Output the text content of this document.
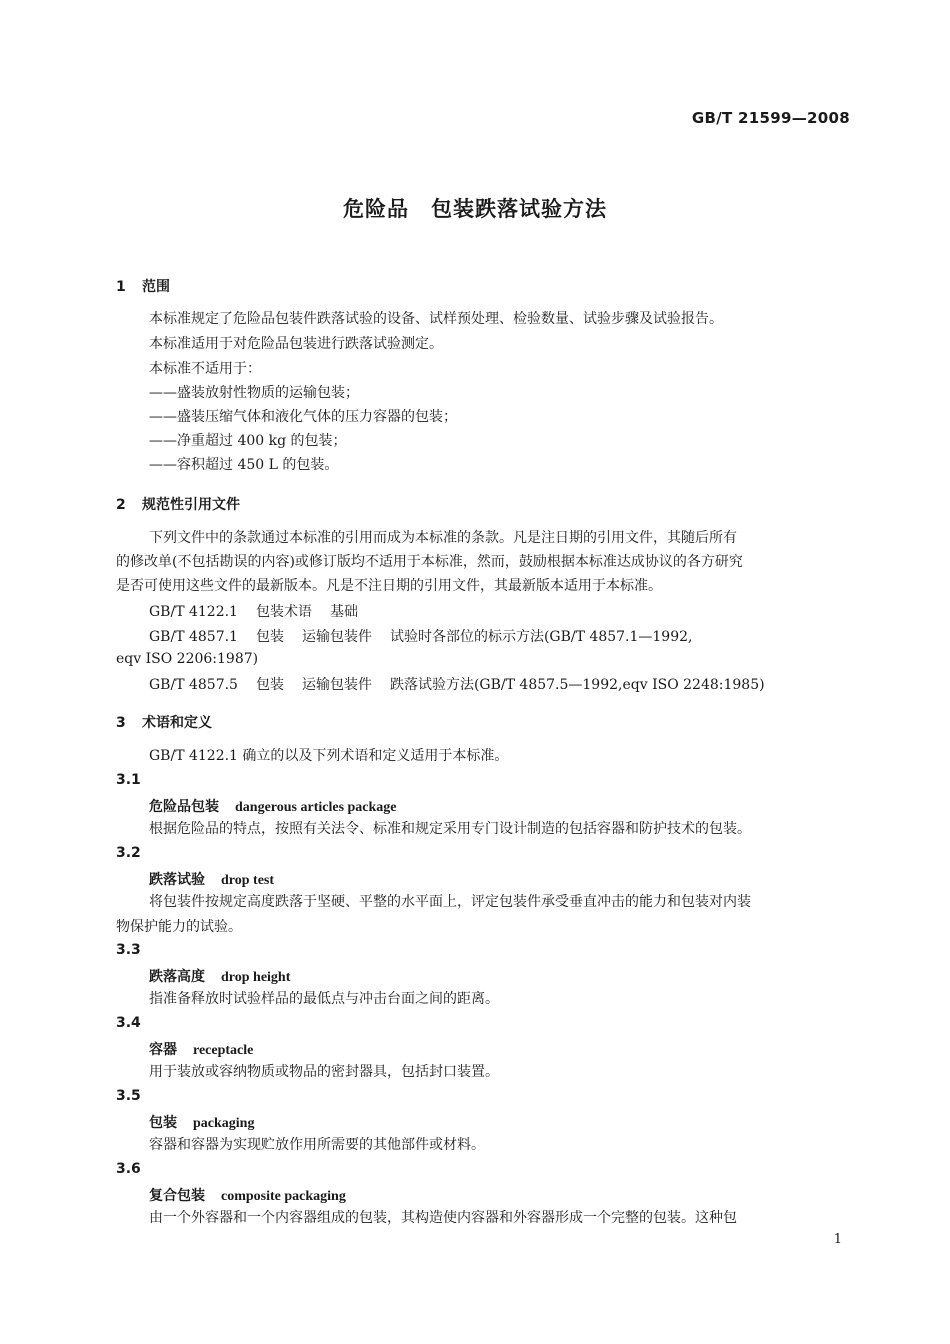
GB/T 21599—2008
危险品　包装跌落试验方法
1 范围
本标准规定了危险品包装件跌落试验的设备、试样预处理、检验数量、试验步骤及试验报告。
本标准适用于对危险品包装进行跌落试验测定。
本标准不适用于：
——盛装放射性物质的运输包装；
——盛装压缩气体和液化气体的压力容器的包装；
——净重超过 400 kg 的包装；
——容积超过 450 L 的包装。
2 规范性引用文件
下列文件中的条款通过本标准的引用而成为本标准的条款。凡是注日期的引用文件，其随后所有
的修改单(不包括勘误的内容)或修订版均不适用于本标准，然而，鼓励根据本标准达成协议的各方研究
是否可使用这些文件的最新版本。凡是不注日期的引用文件，其最新版本适用于本标准。
GB/T 4122.1 包装术语 基础
GB/T 4857.1 包装 运输包装件 试验时各部位的标示方法(GB/T 4857.1—1992,
eqv ISO 2206:1987)
GB/T 4857.5 包装 运输包装件 跌落试验方法(GB/T 4857.5—1992,eqv ISO 2248:1985)
3 术语和定义
GB/T 4122.1 确立的以及下列术语和定义适用于本标准。
3.1
危险品包装 dangerous articles package
根据危险品的特点，按照有关法令、标准和规定采用专门设计制造的包括容器和防护技术的包装。
3.2
跌落试验 drop test
将包装件按规定高度跌落于坚硬、平整的水平面上，评定包装件承受垂直冲击的能力和包装对内装
物保护能力的试验。
3.3
跌落高度 drop height
指准备释放时试验样品的最低点与冲击台面之间的距离。
3.4
容器 receptacle
用于装放或容纳物质或物品的密封器具，包括封口装置。
3.5
包装 packaging
容器和容器为实现贮放作用所需要的其他部件或材料。
3.6
复合包装 composite packaging
由一个外容器和一个内容器组成的包装，其构造使内容器和外容器形成一个完整的包装。这种包
1
